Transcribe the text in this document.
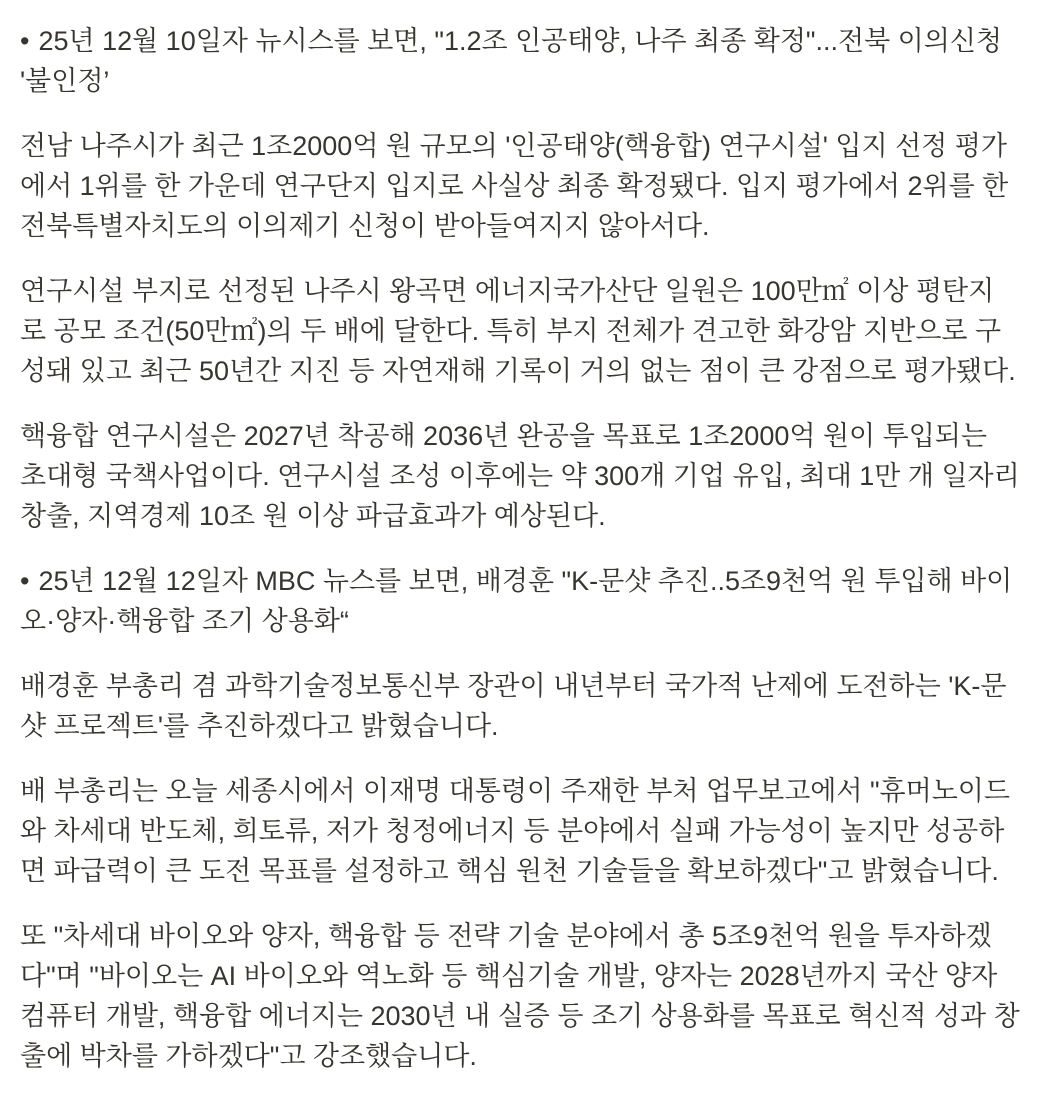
• 25년 12월 10일자 뉴시스를 보면, "1.2조 인공태양, 나주 최종 확정"...전북 이의신청 '불인정’

전남 나주시가 최근 1조2000억 원 규모의 '인공태양(핵융합) 연구시설' 입지 선정 평가에서 1위를 한 가운데 연구단지 입지로 사실상 최종 확정됐다. 입지 평가에서 2위를 한 전북특별자치도의 이의제기 신청이 받아들여지지 않아서다.

연구시설 부지로 선정된 나주시 왕곡면 에너지국가산단 일원은 100만㎡ 이상 평탄지로 공모 조건(50만㎡)의 두 배에 달한다. 특히 부지 전체가 견고한 화강암 지반으로 구성돼 있고 최근 50년간 지진 등 자연재해 기록이 거의 없는 점이 큰 강점으로 평가됐다.

핵융합 연구시설은 2027년 착공해 2036년 완공을 목표로 1조2000억 원이 투입되는 초대형 국책사업이다. 연구시설 조성 이후에는 약 300개 기업 유입, 최대 1만 개 일자리 창출, 지역경제 10조 원 이상 파급효과가 예상된다.

• 25년 12월 12일자 MBC 뉴스를 보면, 배경훈 "K-문샷 추진..5조9천억 원 투입해 바이오·양자·핵융합 조기 상용화“

배경훈 부총리 겸 과학기술정보통신부 장관이 내년부터 국가적 난제에 도전하는 'K-문샷 프로젝트'를 추진하겠다고 밝혔습니다.

배 부총리는 오늘 세종시에서 이재명 대통령이 주재한 부처 업무보고에서 "휴머노이드와 차세대 반도체, 희토류, 저가 청정에너지 등 분야에서 실패 가능성이 높지만 성공하면 파급력이 큰 도전 목표를 설정하고 핵심 원천 기술들을 확보하겠다"고 밝혔습니다.

또 "차세대 바이오와 양자, 핵융합 등 전략 기술 분야에서 총 5조9천억 원을 투자하겠다"며 "바이오는 AI 바이오와 역노화 등 핵심기술 개발, 양자는 2028년까지 국산 양자 컴퓨터 개발, 핵융합 에너지는 2030년 내 실증 등 조기 상용화를 목표로 혁신적 성과 창출에 박차를 가하겠다"고 강조했습니다.
